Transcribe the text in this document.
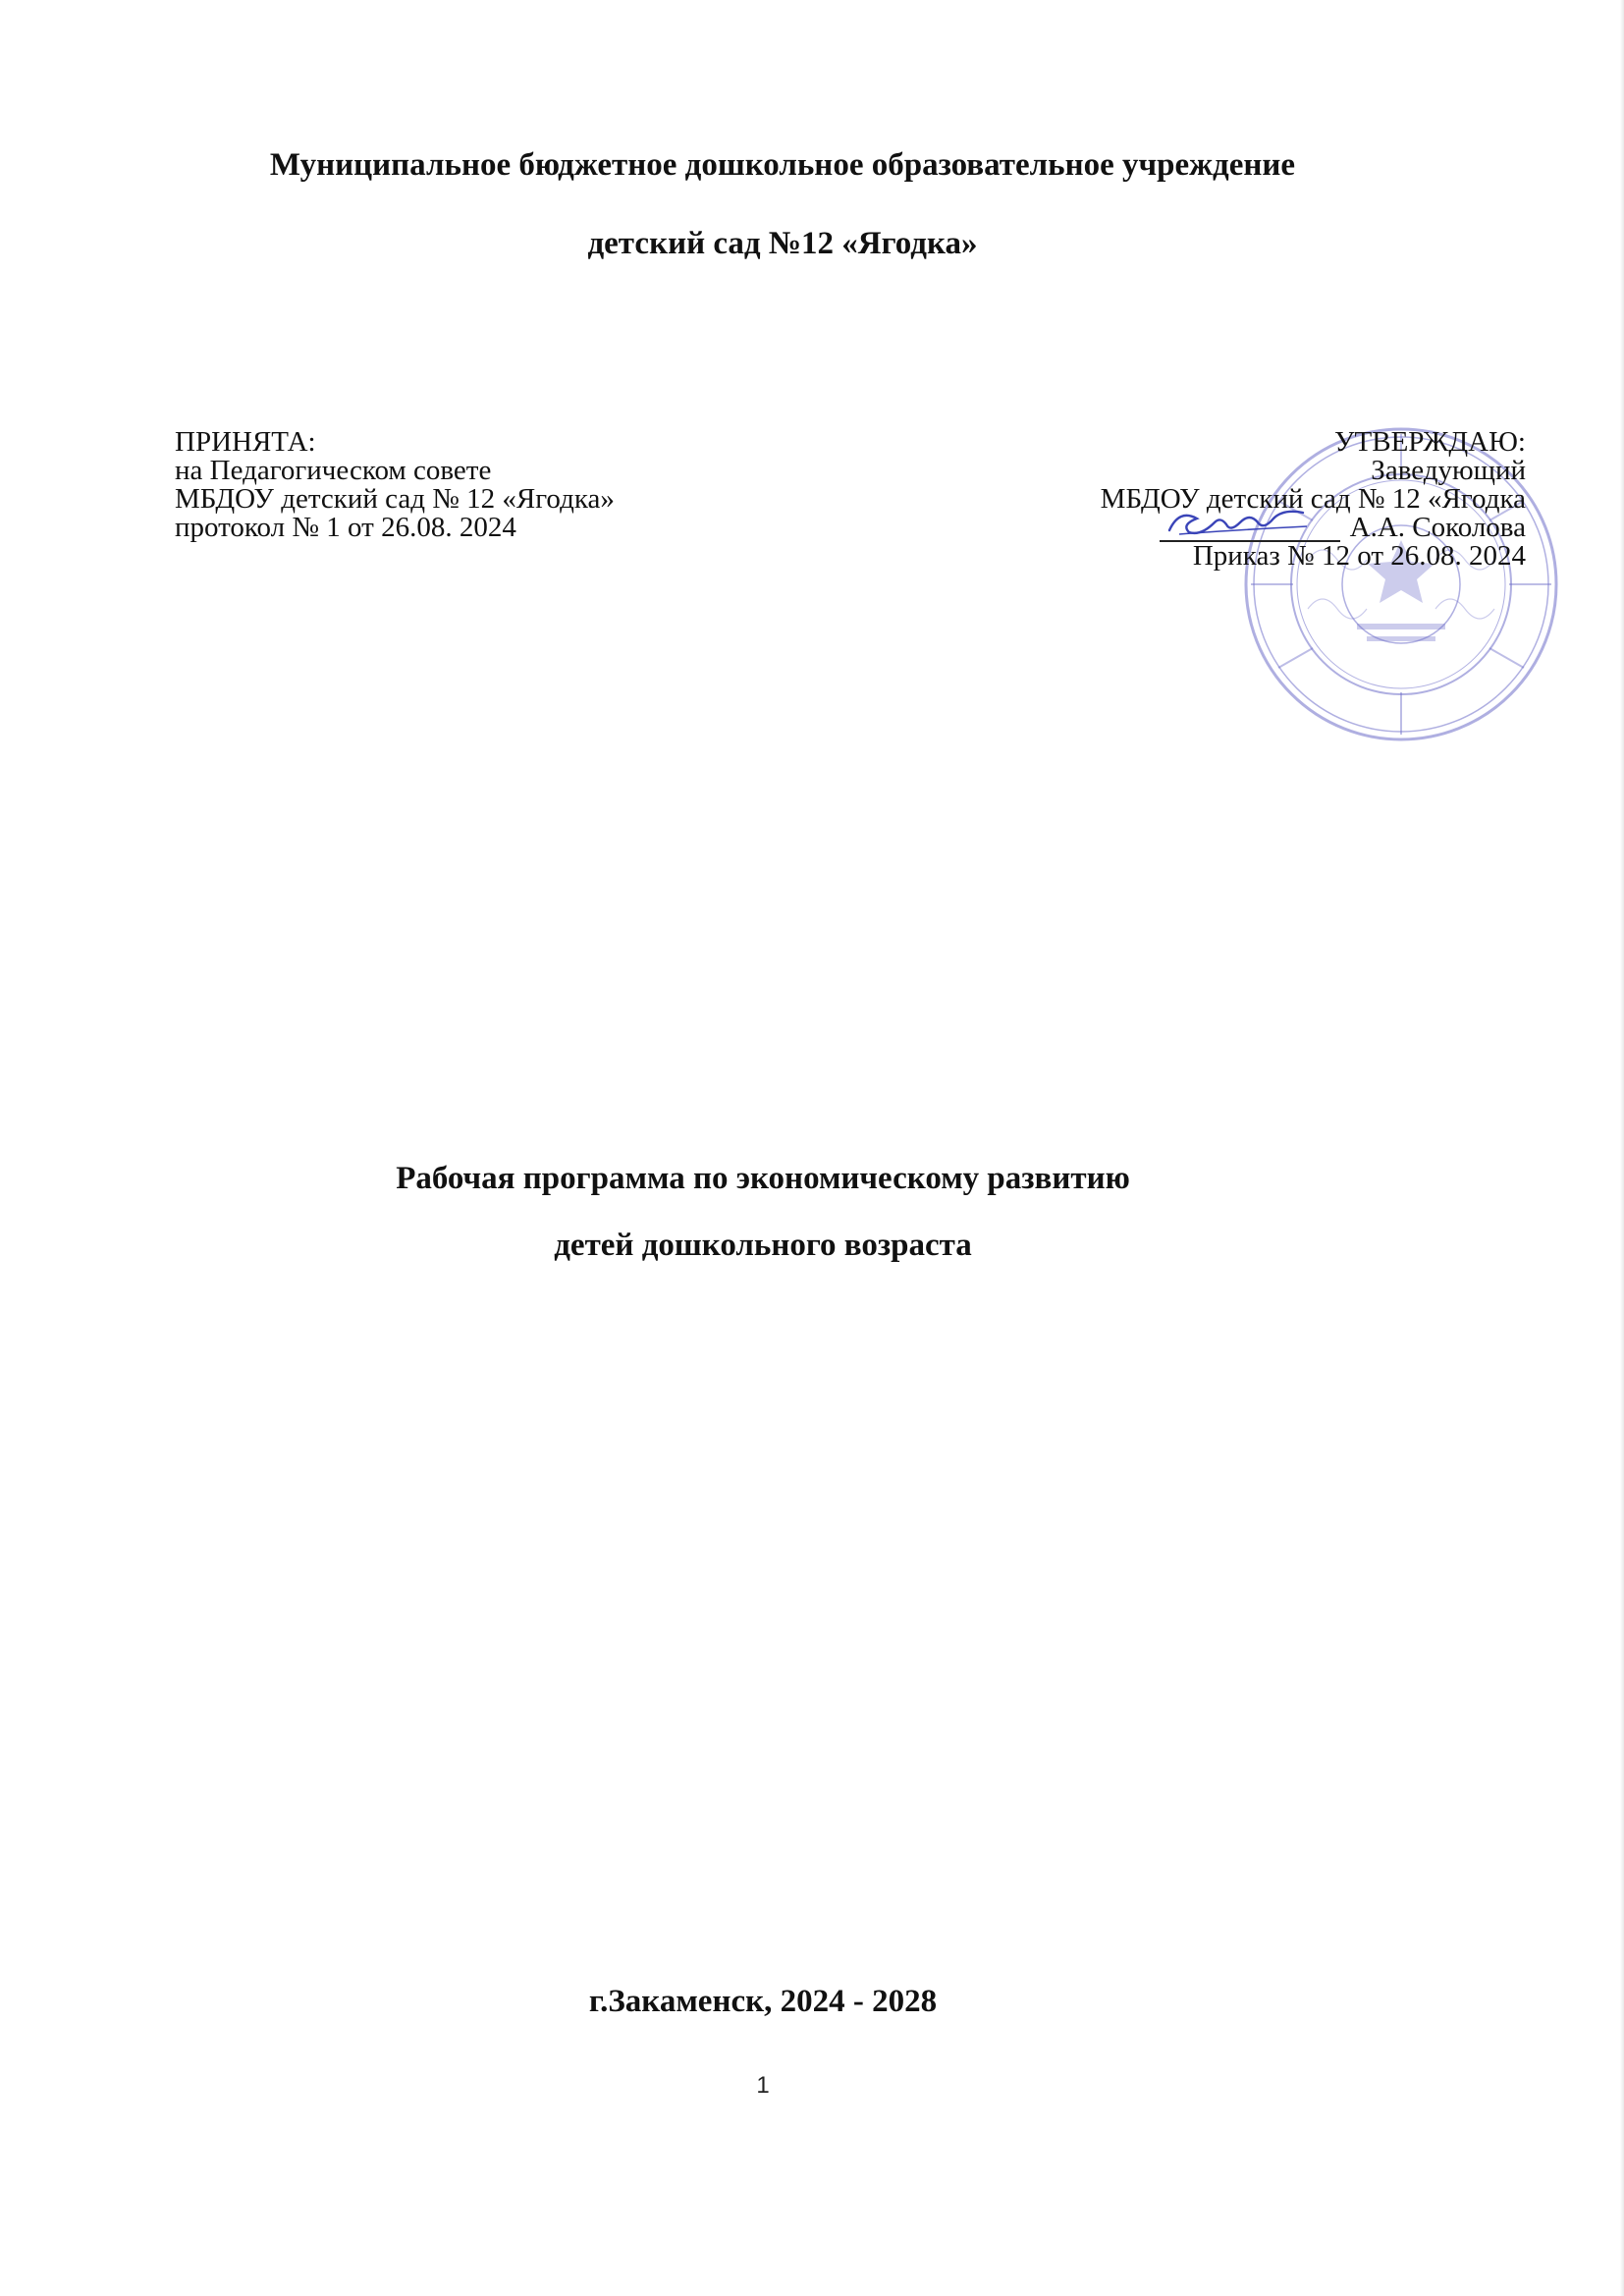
Муниципальное бюджетное дошкольное образовательное учреждение
детский сад №12 «Ягодка»
ПРИНЯТА:
на Педагогическом совете
МБДОУ детский сад № 12 «Ягодка»
протокол № 1 от 26.08. 2024
УТВЕРЖДАЮ:
Заведующий
МБДОУ детский сад № 12 «Ягодка
А.А. Соколова
Приказ № 12 от 26.08. 2024
Рабочая программа по экономическому развитию
детей дошкольного возраста
г.Закаменск, 2024 - 2028
1
